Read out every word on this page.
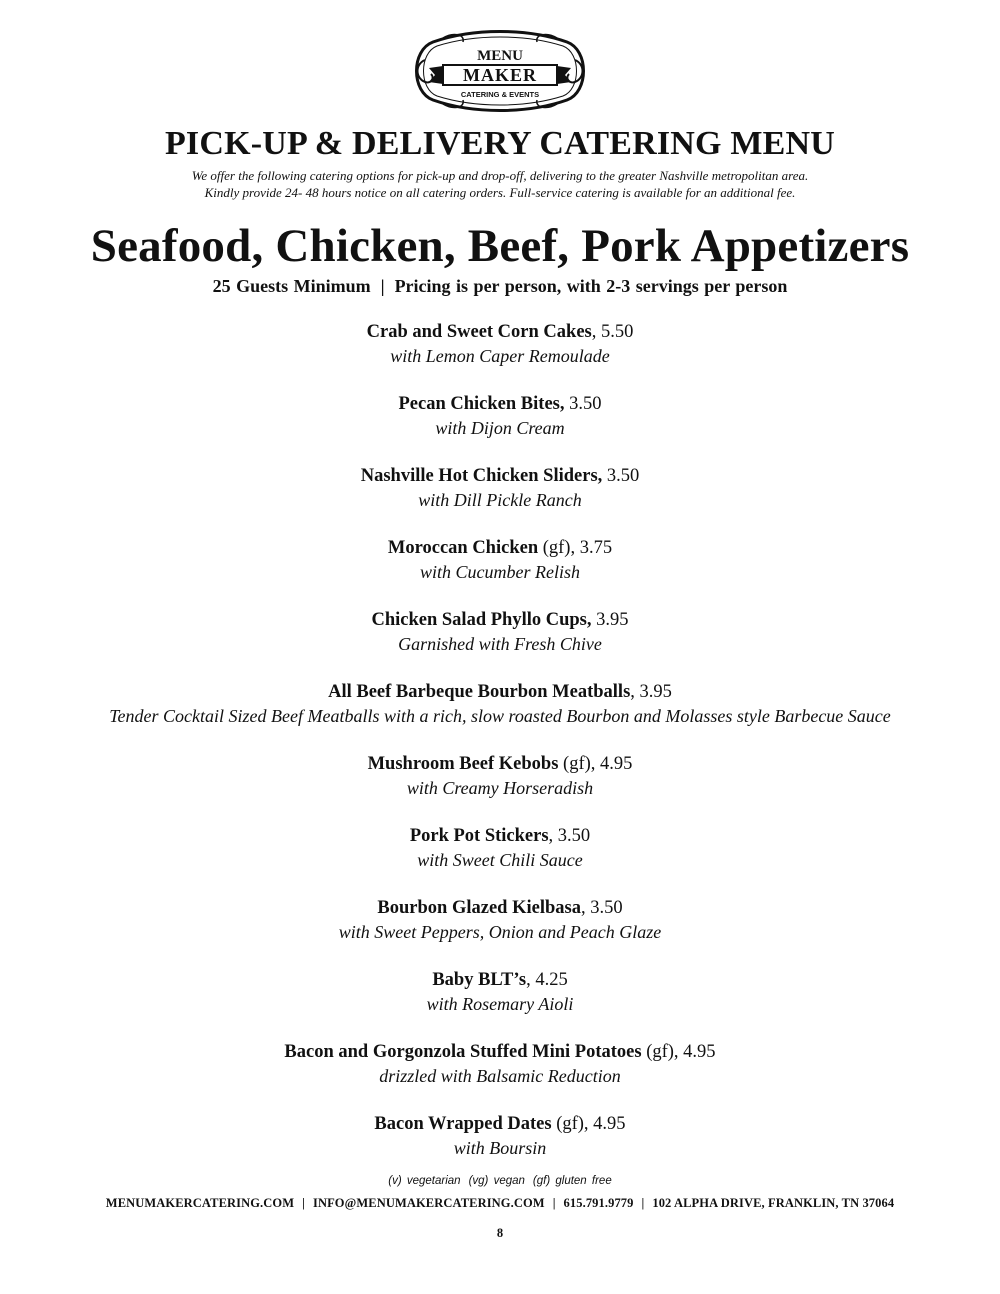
MENU
MAKER
CATERING & EVENTS
PICK-UP & DELIVERY CATERING MENU
We offer the following catering options for pick-up and drop-off, delivering to the greater Nashville metropolitan area.
Kindly provide 24- 48 hours notice on all catering orders. Full-service catering is available for an additional fee.
Seafood, Chicken, Beef, Pork Appetizers
25 Guests Minimum | Pricing is per person, with 2-3 servings per person
Crab and Sweet Corn Cakes, 5.50
with Lemon Caper Remoulade
Pecan Chicken Bites, 3.50
with Dijon Cream
Nashville Hot Chicken Sliders, 3.50
with Dill Pickle Ranch
Moroccan Chicken (gf), 3.75
with Cucumber Relish
Chicken Salad Phyllo Cups, 3.95
Garnished with Fresh Chive
All Beef Barbeque Bourbon Meatballs, 3.95
Tender Cocktail Sized Beef Meatballs with a rich, slow roasted Bourbon and Molasses style Barbecue Sauce
Mushroom Beef Kebobs (gf), 4.95
with Creamy Horseradish
Pork Pot Stickers, 3.50
with Sweet Chili Sauce
Bourbon Glazed Kielbasa, 3.50
with Sweet Peppers, Onion and Peach Glaze
Baby BLT’s, 4.25
with Rosemary Aioli
Bacon and Gorgonzola Stuffed Mini Potatoes (gf), 4.95
drizzled with Balsamic Reduction
Bacon Wrapped Dates (gf), 4.95
with Boursin
(v) vegetarian (vg) vegan (gf) gluten free
MENUMAKERCATERING.COM | INFO@MENUMAKERCATERING.COM | 615.791.9779 | 102 ALPHA DRIVE, FRANKLIN, TN 37064
8
